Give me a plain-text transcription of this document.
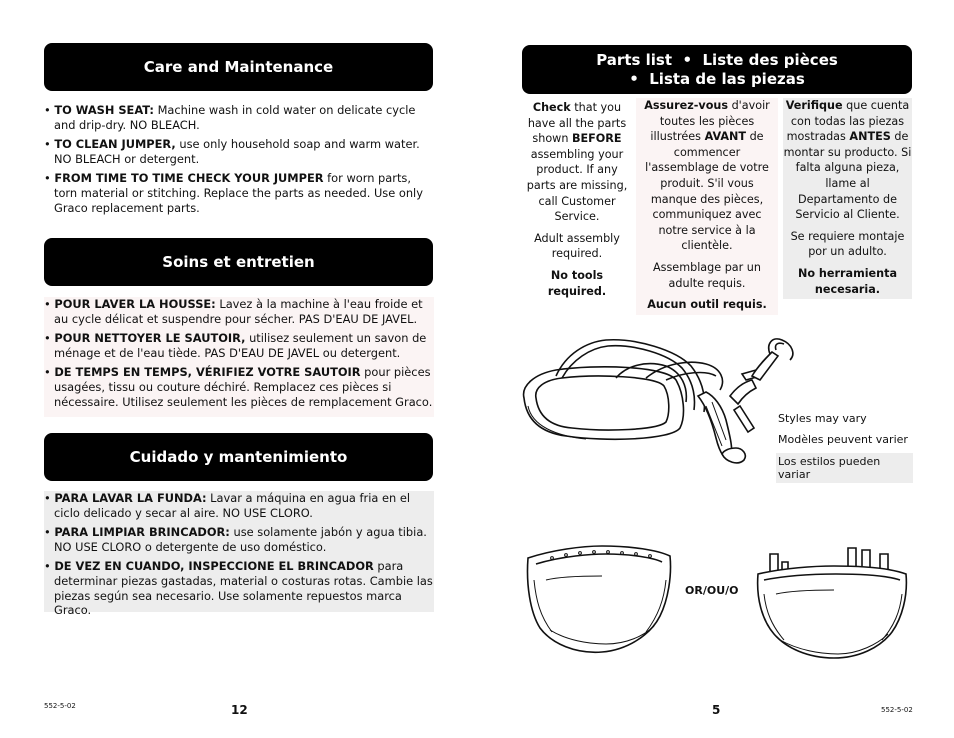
Care and Maintenance
• TO WASH SEAT: Machine wash in cold water on delicate cycle and drip-dry. NO BLEACH.
• TO CLEAN JUMPER, use only household soap and warm water. NO BLEACH or detergent.
• FROM TIME TO TIME CHECK YOUR JUMPER for worn parts, torn material or stitching. Replace the parts as needed. Use only Graco replacement parts.
Soins et entretien
• POUR LAVER LA HOUSSE: Lavez à la machine à l'eau froide et au cycle délicat et suspendre pour sécher. PAS D'EAU DE JAVEL.
• POUR NETTOYER LE SAUTOIR, utilisez seulement un savon de ménage et de l'eau tiède. PAS D'EAU DE JAVEL ou detergent.
• DE TEMPS EN TEMPS, VÉRIFIEZ VOTRE SAUTOIR pour pièces usagées, tissu ou couture déchiré. Remplacez ces pièces si nécessaire. Utilisez seulement les pièces de remplacement Graco.
Cuidado y mantenimiento
• PARA LAVAR LA FUNDA: Lavar a máquina en agua fria en el ciclo delicado y secar al aire. NO USE CLORO.
• PARA LIMPIAR BRINCADOR: use solamente jabón y agua tibia. NO USE CLORO o detergente de uso doméstico.
• DE VEZ EN CUANDO, INSPECCIONE EL BRINCADOR para determinar piezas gastadas, material o costuras rotas. Cambie las piezas según sea necesario. Use solamente repuestos marca Graco.
552-5-02	12
Parts list  •  Liste des pièces
•  Lista de las piezas

Check that you have all the parts shown BEFORE assembling your product. If any parts are missing, call Customer Service.

Adult assembly required.

No tools required.

Assurez-vous d'avoir toutes les pièces illustrées AVANT de commencer l'assemblage de votre produit. S'il vous manque des pièces, communiquez avec notre service à la clientèle.

Assemblage par un adulte requis.

Aucun outil requis.

Verifique que cuenta con todas las piezas mostradas ANTES de montar su producto. Si falta alguna pieza, llame al Departamento de Servicio al Cliente.

Se requiere montaje por un adulto.

No herramienta necesaria.

Styles may vary
Modèles peuvent varier
Los estilos pueden variar
OR/OU/O
5	552-5-02
